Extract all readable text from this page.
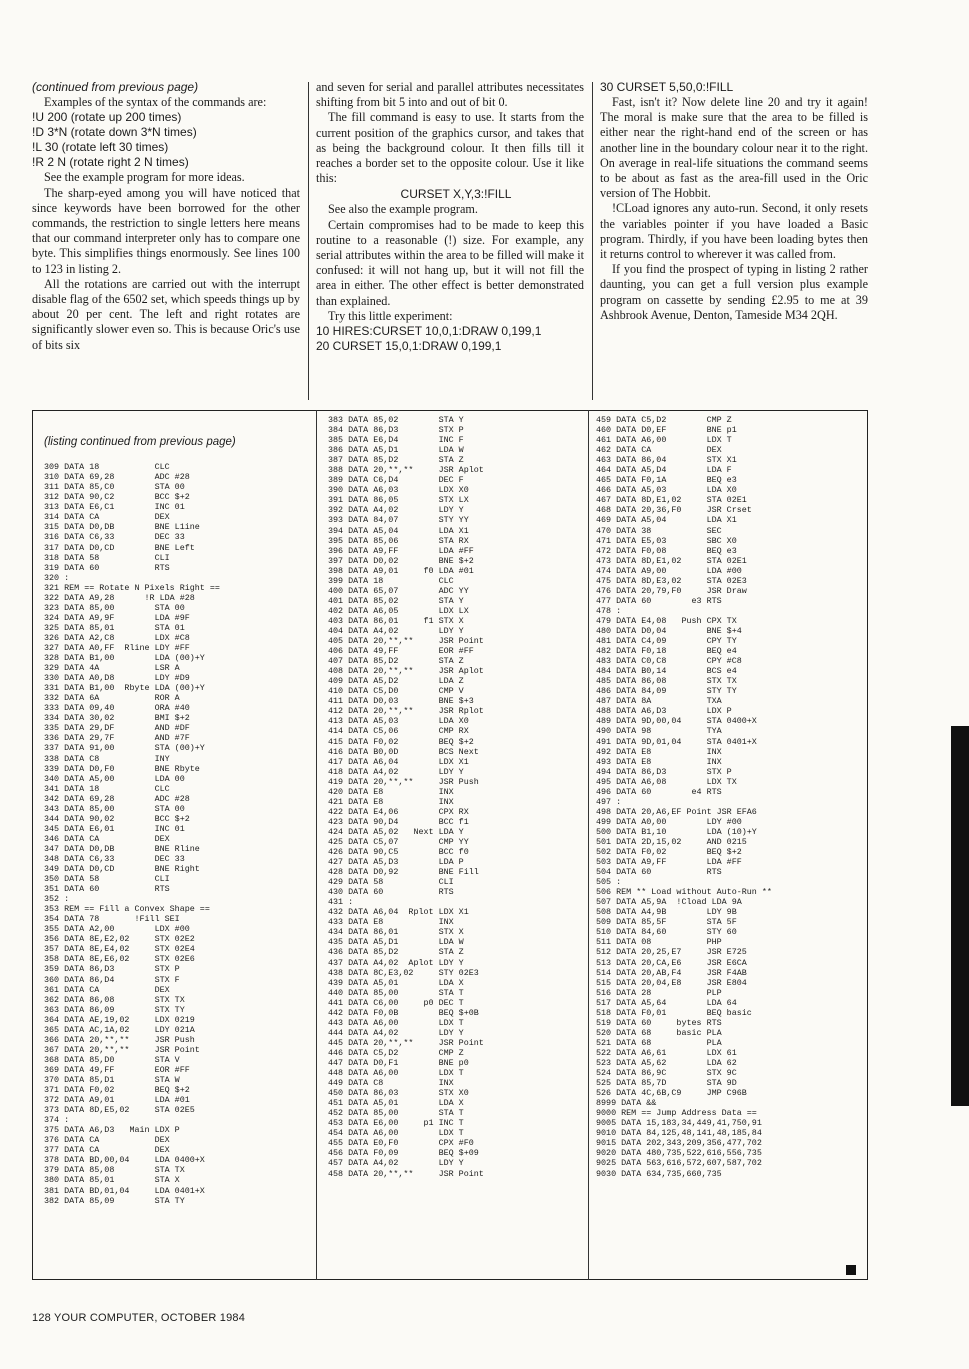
(continued from previous page)

Examples of the syntax of the commands are:

!U 200 (rotate up 200 times)

!D 3*N (rotate down 3*N times)

!L 30 (rotate left 30 times)

!R 2 N (rotate right 2 N times)

See the example program for more ideas.

The sharp-eyed among you will have noticed that since keywords have been borrowed for the other commands, the restriction to single letters here means that our command interpreter only has to compare one byte. This simplifies things enormously. See lines 100 to 123 in listing 2.

All the rotations are carried out with the interrupt disable flag of the 6502 set, which speeds things up by about 20 per cent. The left and right rotates are significantly slower even so. This is because Oric's use of bits six

and seven for serial and parallel attributes necessitates shifting from bit 5 into and out of bit 0.

The fill command is easy to use. It starts from the current position of the graphics cursor, and takes that as being the background colour. It then fills till it reaches a border set to the opposite colour. Use it like this:

CURSET X,Y,3:!FILL

See also the example program.

Certain compromises had to be made to keep this routine to a reasonable (!) size. For example, any serial attributes within the area to be filled will make it confused: it will not hang up, but it will not fill the area in either. The other effect is better demonstrated than explained.

Try this little experiment:

10 HIRES:CURSET 10,0,1:DRAW 0,199,1

20 CURSET 15,0,1:DRAW 0,199,1

30 CURSET 5,50,0:!FILL

Fast, isn't it? Now delete line 20 and try it again! The moral is make sure that the area to be filled is either near the right-hand end of the screen or has another line in the boundary colour near it to the right. On average in real-life situations the command seems to be about as fast as the area-fill used in the Oric version of The Hobbit.

!CLoad ignores any auto-run. Second, it only resets the variables pointer if you have loaded a Basic program. Thirdly, if you have been loading bytes then it returns control to wherever it was called from.

If you find the prospect of typing in listing 2 rather daunting, you can get a full version plus example program on cassette by sending £2.95 to me at 39 Ashbrook Avenue, Denton, Tameside M34 2QH.

(listing continued from previous page)

309 DATA 18           CLC
310 DATA 69,28        ADC #28
311 DATA 85,C0        STA 00
312 DATA 90,C2        BCC $+2
313 DATA E6,C1        INC 01
314 DATA CA           DEX
315 DATA D0,DB        BNE L1ine
316 DATA C6,33        DEC 33
317 DATA D0,CD        BNE Left
318 DATA 58           CLI
319 DATA 60           RTS
320 :
321 REM == Rotate N Pixels Right ==
322 DATA A9,28      !R LDA #28
323 DATA 85,00        STA 00
324 DATA A9,9F        LDA #9F
325 DATA 85,01        STA 01
326 DATA A2,C8        LDX #C8
327 DATA A0,FF  Rline LDY #FF
328 DATA B1,00        LDA (00)+Y
329 DATA 4A           LSR A
330 DATA A0,D8        LDY #D9
331 DATA B1,00  Rbyte LDA (00)+Y
332 DATA 6A           ROR A
333 DATA 09,40        ORA #40
334 DATA 30,02        BMI $+2
335 DATA 29,DF        AND #DF
336 DATA 29,7F        AND #7F
337 DATA 91,00        STA (00)+Y
338 DATA C8           INY
339 DATA D0,F0        BNE Rbyte
340 DATA A5,00        LDA 00
341 DATA 18           CLC
342 DATA 69,28        ADC #28
343 DATA 85,00        STA 00
344 DATA 90,02        BCC $+2
345 DATA E6,01        INC 01
346 DATA CA           DEX
347 DATA D0,DB        BNE Rline
348 DATA C6,33        DEC 33
349 DATA D0,CD        BNE Right
350 DATA 58           CLI
351 DATA 60           RTS
352 :
353 REM == Fill a Convex Shape ==
354 DATA 78       !Fill SEI
355 DATA A2,00        LDX #00
356 DATA 8E,E2,02     STX 02E2
357 DATA 8E,E4,02     STX 02E4
358 DATA 8E,E6,02     STX 02E6
359 DATA 86,D3        STX P
360 DATA 86,D4        STX F
361 DATA CA           DEX
362 DATA 86,08        STX TX
363 DATA 86,09        STX TY
364 DATA AE,19,02     LDX 0219
365 DATA AC,1A,02     LDY 021A
366 DATA 20,**,**     JSR Push
367 DATA 20,**,**     JSR Point
368 DATA 85,D0        STA V
369 DATA 49,FF        EOR #FF
370 DATA 85,D1        STA W
371 DATA F0,02        BEQ $+2
372 DATA A9,01        LDA #01
373 DATA 8D,E5,02     STA 02E5
374 :
375 DATA A6,D3   Main LDX P
376 DATA CA           DEX
377 DATA CA           DEX
378 DATA BD,00,04     LDA 0400+X
379 DATA 85,08        STA TX
380 DATA 85,01        STA X
381 DATA BD,01,04     LDA 0401+X
382 DATA 85,09        STA TY
383 DATA 85,02        STA Y
384 DATA 86,D3        STX P
385 DATA E6,D4        INC F
386 DATA A5,D1        LDA W
387 DATA 85,D2        STA Z
388 DATA 20,**,**     JSR Aplot
389 DATA C6,D4        DEC F
390 DATA A6,03        LDX X0
391 DATA 86,05        STX LX
392 DATA A4,02        LDY Y
393 DATA 84,07        STY YY
394 DATA A5,04        LDA X1
395 DATA 85,06        STA RX
396 DATA A9,FF        LDA #FF
397 DATA D0,02        BNE $+2
398 DATA A9,01     f0 LDA #01
399 DATA 18           CLC
400 DATA 65,07        ADC YY
401 DATA 85,02        STA Y
402 DATA A6,05        LDX LX
403 DATA 86,01     f1 STX X
404 DATA A4,02        LDY Y
405 DATA 20,**,**     JSR Point
406 DATA 49,FF        EOR #FF
407 DATA 85,D2        STA Z
408 DATA 20,**,**     JSR Aplot
409 DATA A5,D2        LDA Z
410 DATA C5,D0        CMP V
411 DATA D0,03        BNE $+3
412 DATA 20,**,**     JSR Rplot
413 DATA A5,03        LDA X0
414 DATA C5,06        CMP RX
415 DATA F0,02        BEQ $+2
416 DATA B0,0D        BCS Next
417 DATA A6,04        LDX X1
418 DATA A4,02        LDY Y
419 DATA 20,**,**     JSR Push
420 DATA E8           INX
421 DATA E8           INX
422 DATA E4,06        CPX RX
423 DATA 90,D4        BCC f1
424 DATA A5,02   Next LDA Y
425 DATA C5,07        CMP YY
426 DATA 90,C5        BCC f0
427 DATA A5,D3        LDA P
428 DATA D0,92        BNE Fill
429 DATA 58           CLI
430 DATA 60           RTS
431 :
432 DATA A6,04  Rplot LDX X1
433 DATA E8           INX
434 DATA 86,01        STX X
435 DATA A5,D1        LDA W
436 DATA 85,D2        STA Z
437 DATA A4,02  Aplot LDY Y
438 DATA 8C,E3,02     STY 02E3
439 DATA A5,01        LDA X
440 DATA 85,00        STA T
441 DATA C6,00     p0 DEC T
442 DATA F0,0B        BEQ $+0B
443 DATA A6,00        LDX T
444 DATA A4,02        LDY Y
445 DATA 20,**,**     JSR Point
446 DATA C5,D2        CMP Z
447 DATA D0,F1        BNE p0
448 DATA A6,00        LDX T
449 DATA C8           INX
450 DATA 86,03        STX X0
451 DATA A5,01        LDA X
452 DATA 85,00        STA T
453 DATA E6,00     p1 INC T
454 DATA A6,00        LDX T
455 DATA E0,F0        CPX #F0
456 DATA F0,09        BEQ $+09
457 DATA A4,02        LDY Y
458 DATA 20,**,**     JSR Point
459 DATA C5,D2        CMP Z
460 DATA D0,EF        BNE p1
461 DATA A6,00        LDX T
462 DATA CA           DEX
463 DATA 86,04        STX X1
464 DATA A5,D4        LDA F
465 DATA F0,1A        BEQ e3
466 DATA A5,03        LDA X0
467 DATA 8D,E1,02     STA 02E1
468 DATA 20,36,F0     JSR Crset
469 DATA A5,04        LDA X1
470 DATA 38           SEC
471 DATA E5,03        SBC X0
472 DATA F0,08        BEQ e3
473 DATA 8D,E1,02     STA 02E1
474 DATA A9,00        LDA #00
475 DATA 8D,E3,02     STA 02E3
476 DATA 20,79,F0     JSR Draw
477 DATA 60        e3 RTS
478 :
479 DATA E4,08   Push CPX TX
480 DATA D0,04        BNE $+4
481 DATA C4,09        CPY TY
482 DATA F0,18        BEQ e4
483 DATA C0,C8        CPY #C8
484 DATA B0,14        BCS e4
485 DATA 86,08        STX TX
486 DATA 84,09        STY TY
487 DATA 8A           TXA
488 DATA A6,D3        LDX P
489 DATA 9D,00,04     STA 0400+X
490 DATA 98           TYA
491 DATA 9D,01,04     STA 0401+X
492 DATA E8           INX
493 DATA E8           INX
494 DATA 86,D3        STX P
495 DATA A6,08        LDX TX
496 DATA 60        e4 RTS
497 :
498 DATA 20,A6,EF Point JSR EFA6
499 DATA A0,00        LDY #00
500 DATA B1,10        LDA (10)+Y
501 DATA 2D,15,02     AND 0215
502 DATA F0,02        BEQ $+2
503 DATA A9,FF        LDA #FF
504 DATA 60           RTS
505 :
506 REM ** Load without Auto-Run **
507 DATA A5,9A  !Cload LDA 9A
508 DATA A4,9B        LDY 9B
509 DATA 85,5F        STA 5F
510 DATA 84,60        STY 60
511 DATA 08           PHP
512 DATA 20,25,E7     JSR E725
513 DATA 20,CA,E6     JSR E6CA
514 DATA 20,AB,F4     JSR F4AB
515 DATA 20,04,E8     JSR E804
516 DATA 28           PLP
517 DATA A5,64        LDA 64
518 DATA F0,01        BEQ basic
519 DATA 60     bytes RTS
520 DATA 68     basic PLA
521 DATA 68           PLA
522 DATA A6,61        LDX 61
523 DATA A5,62        LDA 62
524 DATA 86,9C        STX 9C
525 DATA 85,7D        STA 9D
526 DATA 4C,6B,C9     JMP C96B
8999 DATA &&
9000 REM == Jump Address Data ==
9005 DATA 15,183,34,449,41,750,91
9010 DATA 84,125,48,141,48,185,84
9015 DATA 202,343,209,356,477,702
9020 DATA 480,735,522,616,556,735
9025 DATA 563,616,572,607,587,702
9030 DATA 634,735,660,735
128 YOUR COMPUTER, OCTOBER 1984
